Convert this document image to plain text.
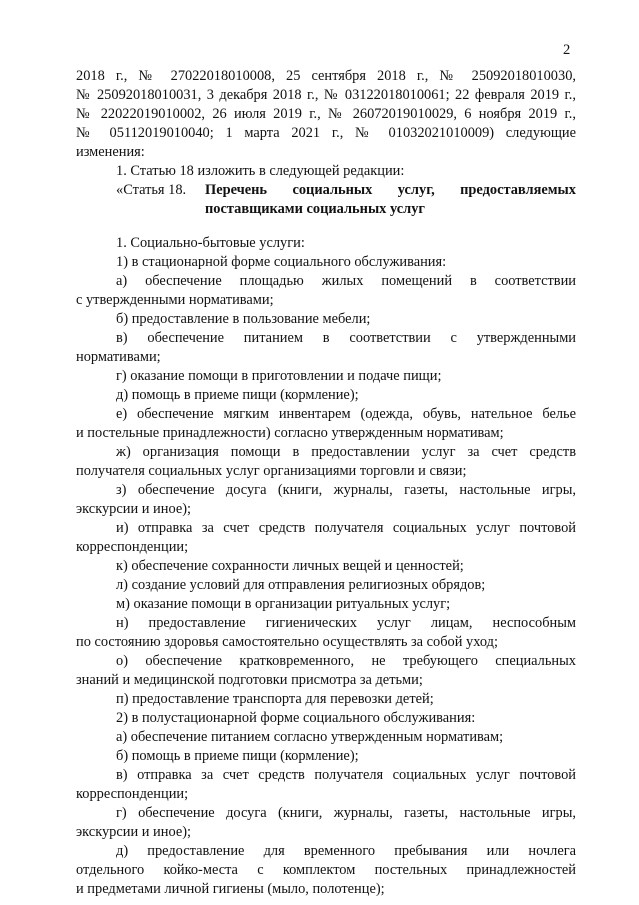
2
2018 г., № 27022018010008, 25 сентября 2018 г., № 25092018010030,
№ 25092018010031, 3 декабря 2018 г., № 03122018010061; 22 февраля 2019 г.,
№ 22022019010002, 26 июля 2019 г., № 26072019010029, 6 ноября 2019 г.,
№ 05112019010040; 1 марта 2021 г., № 01032021010009) следующие
изменения:
1. Статью 18 изложить в следующей редакции:
«Статья 18. Перечень социальных услуг, предоставляемых
поставщиками социальных услуг
1. Социально-бытовые услуги:
1) в стационарной форме социального обслуживания:
а) обеспечение площадью жилых помещений в соответствии
с утвержденными нормативами;
б) предоставление в пользование мебели;
в) обеспечение питанием в соответствии с утвержденными
нормативами;
г) оказание помощи в приготовлении и подаче пищи;
д) помощь в приеме пищи (кормление);
е) обеспечение мягким инвентарем (одежда, обувь, нательное белье
и постельные принадлежности) согласно утвержденным нормативам;
ж) организация помощи в предоставлении услуг за счет средств
получателя социальных услуг организациями торговли и связи;
з) обеспечение досуга (книги, журналы, газеты, настольные игры,
экскурсии и иное);
и) отправка за счет средств получателя социальных услуг почтовой
корреспонденции;
к) обеспечение сохранности личных вещей и ценностей;
л) создание условий для отправления религиозных обрядов;
м) оказание помощи в организации ритуальных услуг;
н) предоставление гигиенических услуг лицам, неспособным
по состоянию здоровья самостоятельно осуществлять за собой уход;
о) обеспечение кратковременного, не требующего специальных
знаний и медицинской подготовки присмотра за детьми;
п) предоставление транспорта для перевозки детей;
2) в полустационарной форме социального обслуживания:
а) обеспечение питанием согласно утвержденным нормативам;
б) помощь в приеме пищи (кормление);
в) отправка за счет средств получателя социальных услуг почтовой
корреспонденции;
г) обеспечение досуга (книги, журналы, газеты, настольные игры,
экскурсии и иное);
д) предоставление для временного пребывания или ночлега
отдельного койко-места с комплектом постельных принадлежностей
и предметами личной гигиены (мыло, полотенце);
